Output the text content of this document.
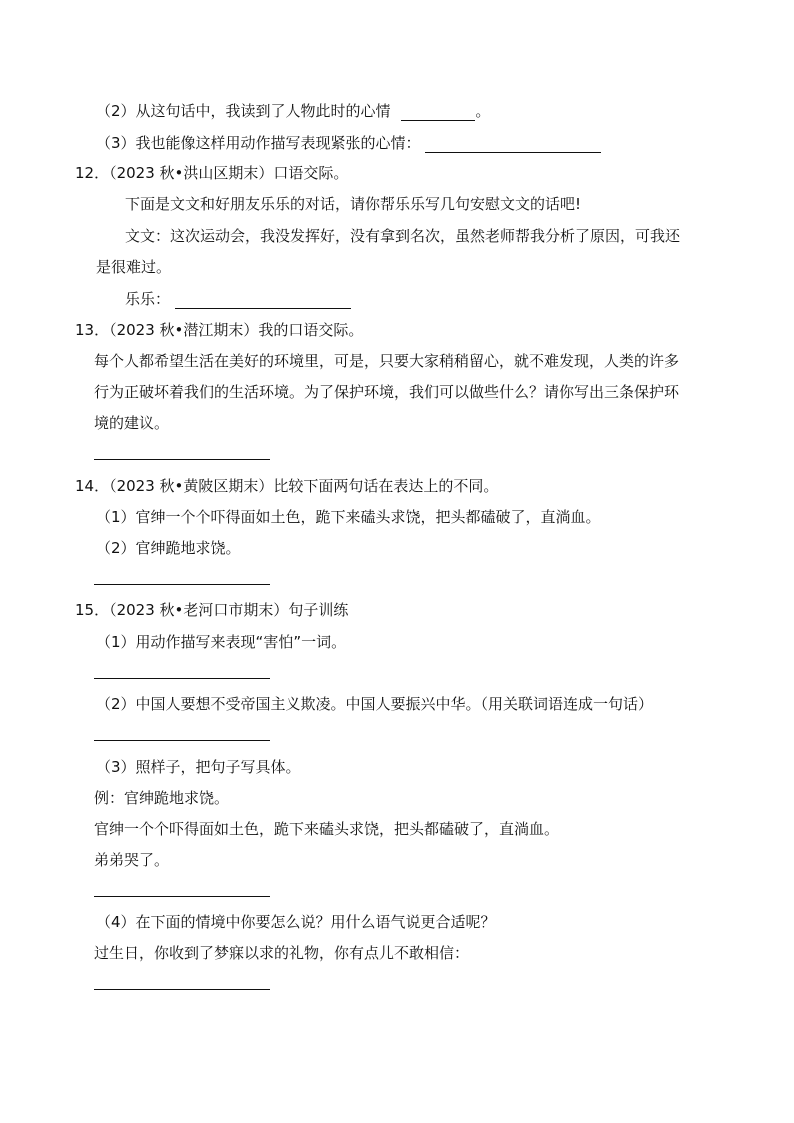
（2）从这句话中，我读到了人物此时的心情	。
（3）我也能像这样用动作描写表现紧张的心情：
12．（2023 秋•洪山区期末）口语交际。
下面是文文和好朋友乐乐的对话，请你帮乐乐写几句安慰文文的话吧!
文文：这次运动会，我没发挥好，没有拿到名次，虽然老师帮我分析了原因，可我还
是很难过。
乐乐：
13．（2023 秋•潜江期末）我的口语交际。
每个人都希望生活在美好的环境里，可是，只要大家稍稍留心，就不难发现，人类的许多
行为正破坏着我们的生活环境。为了保护环境，我们可以做些什么？请你写出三条保护环
境的建议。
14．（2023 秋•黄陂区期末）比较下面两句话在表达上的不同。
（1）官绅一个个吓得面如土色，跪下来磕头求饶，把头都磕破了，直淌血。
（2）官绅跪地求饶。
15．（2023 秋•老河口市期末）句子训练
（1）用动作描写来表现“害怕”一词。
（2）中国人要想不受帝国主义欺凌。中国人要振兴中华。（用关联词语连成一句话）
（3）照样子，把句子写具体。
例：官绅跪地求饶。
官绅一个个吓得面如土色，跪下来磕头求饶，把头都磕破了，直淌血。
弟弟哭了。
（4）在下面的情境中你要怎么说？用什么语气说更合适呢？
过生日，你收到了梦寐以求的礼物，你有点儿不敢相信：
